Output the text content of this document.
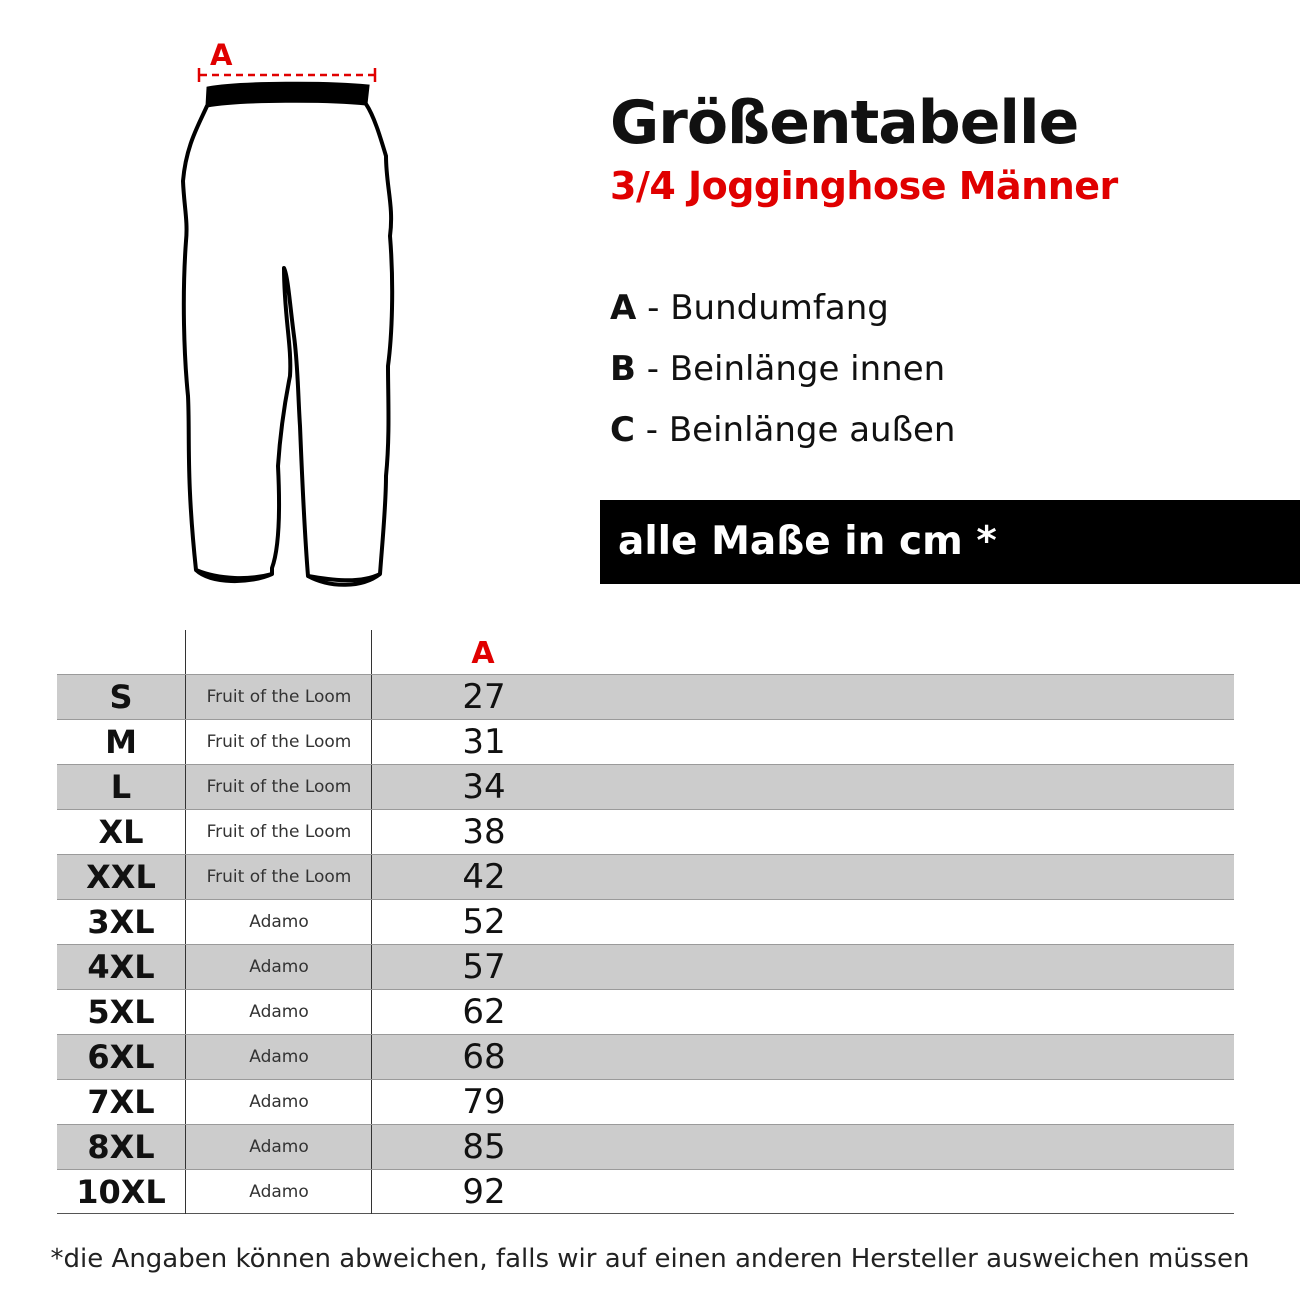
A
Größentabelle
3/4 Jogginghose Männer
A - Bundumfang
B - Beinlänge innen
C - Beinlänge außen
alle Maße in cm *
A
S	Fruit of the Loom	27
M	Fruit of the Loom	31
L	Fruit of the Loom	34
XL	Fruit of the Loom	38
XXL	Fruit of the Loom	42
3XL	Adamo	52
4XL	Adamo	57
5XL	Adamo	62
6XL	Adamo	68
7XL	Adamo	79
8XL	Adamo	85
10XL	Adamo	92
*die Angaben können abweichen, falls wir auf einen anderen Hersteller ausweichen müssen
